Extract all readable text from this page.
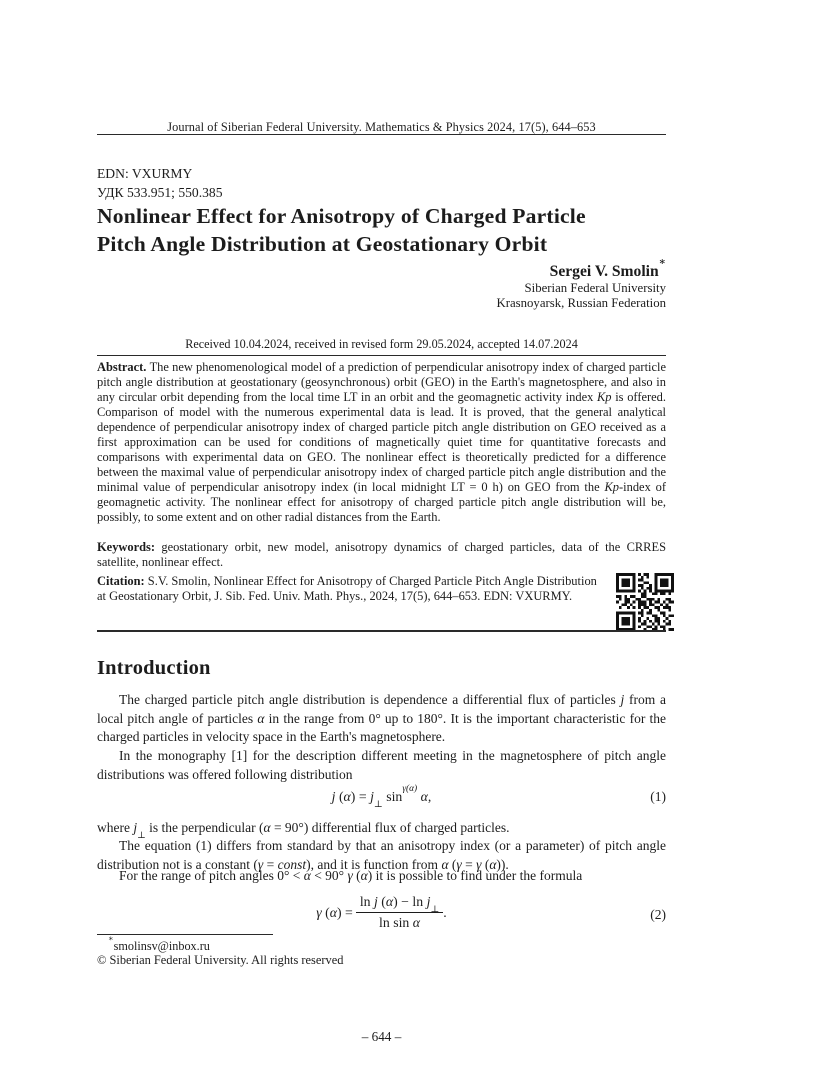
Journal of Siberian Federal University. Mathematics & Physics 2024, 17(5), 644–653
EDN: VXURMY
УДК 533.951; 550.385
Nonlinear Effect for Anisotropy of Charged Particle
Pitch Angle Distribution at Geostationary Orbit
Sergei V. Smolin∗
Siberian Federal University
Krasnoyarsk, Russian Federation
Received 10.04.2024, received in revised form 29.05.2024, accepted 14.07.2024
Abstract. The new phenomenological model of a prediction of perpendicular anisotropy index of charged particle pitch angle distribution at geostationary (geosynchronous) orbit (GEO) in the Earth's magnetosphere, and also in any circular orbit depending from the local time LT in an orbit and the geomagnetic activity index Kp is offered. Comparison of model with the numerous experimental data is lead. It is proved, that the general analytical dependence of perpendicular anisotropy index of charged particle pitch angle distribution on GEO received as a first approximation can be used for conditions of magnetically quiet time for quantitative forecasts and comparisons with experimental data on GEO. The nonlinear effect is theoretically predicted for a difference between the maximal value of perpendicular anisotropy index of charged particle pitch angle distribution and the minimal value of perpendicular anisotropy index (in local midnight LT = 0 h) on GEO from the Kp-index of geomagnetic activity. The nonlinear effect for anisotropy of charged particle pitch angle distribution will be, possibly, to some extent and on other radial distances from the Earth.
Keywords: geostationary orbit, new model, anisotropy dynamics of charged particles, data of the CRRES satellite, nonlinear effect.
Citation: S.V. Smolin, Nonlinear Effect for Anisotropy of Charged Particle Pitch Angle Distribution at Geostationary Orbit, J. Sib. Fed. Univ. Math. Phys., 2024, 17(5), 644–653. EDN: VXURMY.
Introduction
The charged particle pitch angle distribution is dependence a differential flux of particles j from a local pitch angle of particles α in the range from 0° up to 180°. It is the important characteristic for the charged particles in velocity space in the Earth's magnetosphere.
In the monography [1] for the description different meeting in the magnetosphere of pitch angle distributions was offered following distribution
j $(\alpha) = j_\perp$ $\sin^{\gamma(\alpha)} \alpha$,	(1)
where $j_\perp$ is the perpendicular (α = 90°) differential flux of charged particles.
The equation (1) differs from standard by that an anisotropy index (or a parameter) of pitch angle distribution not is a constant (γ = const), and it is function from α (γ = γ (α)).
For the range of pitch angles 0° < α < 90° γ (α) it is possible to find under the formula
γ $(\alpha) = \frac{\ln j (\alpha) - \ln j_\perp}{\text{ln sin α}}$ .	(2)
∗smolinsv@inbox.ru
© Siberian Federal University. All rights reserved
– 644 –
